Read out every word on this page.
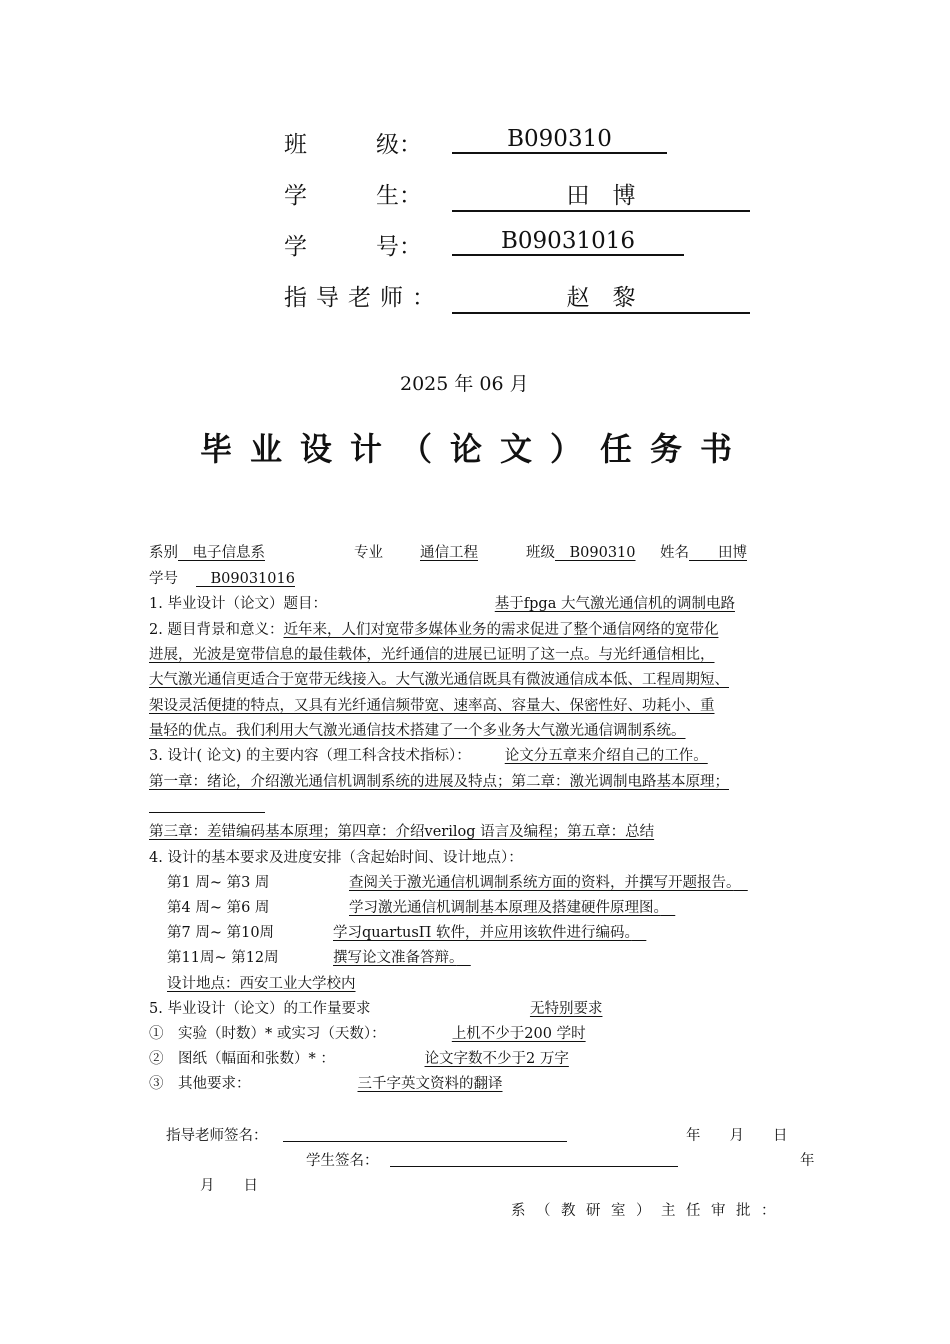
班　　　级：	B090310
学　　　生：	田　博
学　　　号：	B09031016
指导老师：	赵　黎
2025 年 06 月
毕业设计（论文）任务书
系别　 电子信息系	专业	通信工程	班级　 B090310 姓名　　 田博
学号　 B09031016
1. 毕业设计（论文）题目：	基于fpga 大气激光通信机的调制电路
2. 题目背景和意义：近年来，人们对宽带多媒体业务的需求促进了整个通信网络的宽带化
进展，光波是宽带信息的最佳载体，光纤通信的进展已证明了这一点。与光纤通信相比，
大气激光通信更适合于宽带无线接入。大气激光通信既具有微波通信成本低、工程周期短、
架设灵活便捷的特点，又具有光纤通信频带宽、速率高、容量大、保密性好、功耗小、重
量轻的优点。我们利用大气激光通信技术搭建了一个多业务大气激光通信调制系统。
3. 设计( 论文) 的主要内容（理工科含技术指标）： 论文分五章来介绍自己的工作。
第一章：绪论，介绍激光通信机调制系统的进展及特点；第二章：激光调制电路基本原理；
第三章：差错编码基本原理；第四章：介绍verilog 语言及编程；第五章：总结
4. 设计的基本要求及进度安排（含起始时间、设计地点）：
第1 周~ 第3 周	查阅关于激光通信机调制系统方面的资料，并撰写开题报告。　
第4 周~ 第6 周	学习激光通信机调制基本原理及搭建硬件原理图。　
第7 周~ 第10周	学习quartusΠ 软件，并应用该软件进行编码。　
第11周~ 第12周	撰写论文准备答辩。　
设计地点：西安工业大学校内
5. 毕业设计（论文）的工作量要求	无特别要求
①　实验（时数）* 或实习（天数）：	上机不少于200 学时
②　图纸（幅面和张数）* ：	论文字数不少于2 万字
③　其他要求：	三千字英文资料的翻译
指导老师签名：	年　　月　　日
学生签名：	年
月　　日
系（教研室）主任审批：
